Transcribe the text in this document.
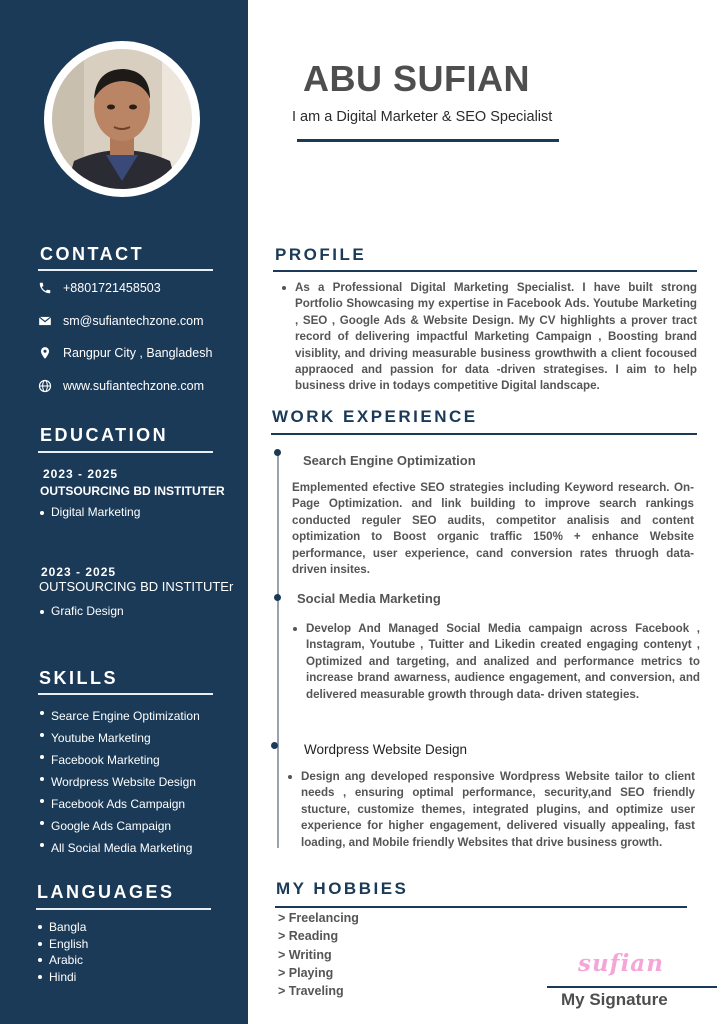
CONTACT
+8801721458503
sm@sufiantechzone.com
Rangpur City , Bangladesh
www.sufiantechzone.com
EDUCATION
2023 - 2025
OUTSOURCING BD INSTITUTER
Digital Marketing
2023 - 2025
OUTSOURCING BD INSTITUTEr
Grafic Design
SKILLS
Searce Engine Optimization
Youtube Marketing
Facebook Marketing
Wordpress Website Design
Facebook Ads Campaign
Google Ads Campaign
All Social Media Marketing
LANGUAGES
Bangla
English
Arabic
Hindi
ABU SUFIAN
I am a Digital Marketer & SEO Specialist
PROFILE
As a Professional Digital Marketing Specialist. I have built strong Portfolio Showcasing my expertise in Facebook Ads. Youtube Marketing , SEO , Google Ads & Website Design. My CV highlights a prover tract record of delivering impactful Marketing Campaign , Boosting brand visiblity, and driving measurable business growthwith a client focoused appraoced and passion for data -driven strategises. I aim to help business drive in todays competitive Digital landscape.
WORK EXPERIENCE
Search Engine Optimization
Emplemented efective SEO strategies including Keyword research. On- Page Optimization. and link building to improve search rankings conducted reguler SEO audits, competitor analisis and content optimization to Boost organic traffic 150% + enhance Website performance, user experience, cand conversion rates thruogh data-driven insites.
Social Media Marketing
Develop And Managed Social Media campaign across Facebook , Instagram, Youtube , Tuitter and Likedin created engaging contenyt , Optimized and targeting, and analized and performance metrics to increase brand awarness, audience engagement, and conversion, and delivered measurable growth through data- driven stategies.
Wordpress Website Design
Design ang developed responsive Wordpress Website tailor to client needs , ensuring optimal performance, security,and SEO friendly stucture, customize themes, integrated plugins, and optimize user experience for higher engagement, delivered visually appealing, fast loading, and Mobile friendly Websites that drive business growth.
MY HOBBIES
> Freelancing
> Reading
> Writing
> Playing
> Traveling
sufian
My Signature
